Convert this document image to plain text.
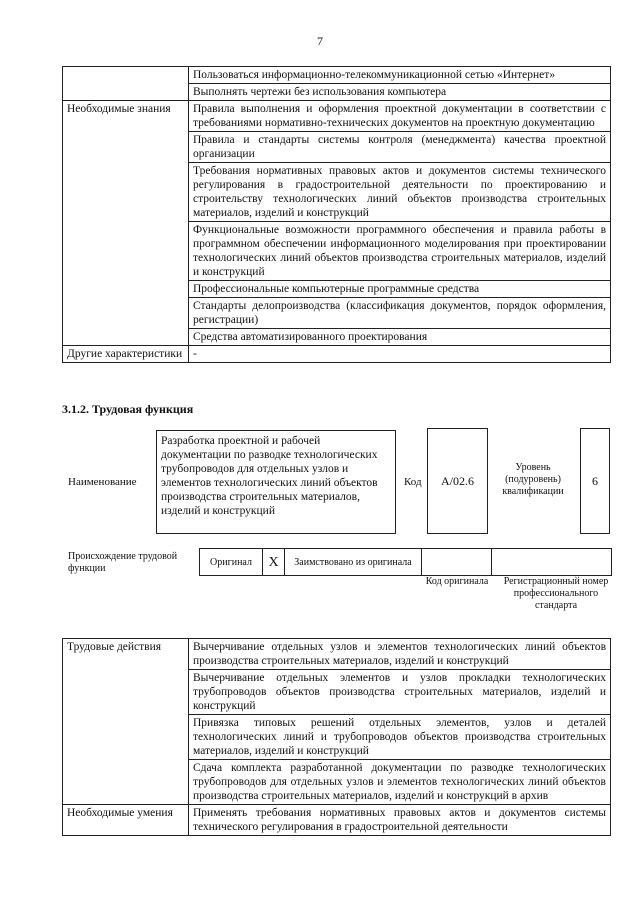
7
	Пользоваться информационно-телекоммуникационной сетью «Интернет»
	Выполнять чертежи без использования компьютера
Необходимые знания	Правила выполнения и оформления проектной документации в соответствии с требованиями нормативно-технических документов на проектную документацию
	Правила и стандарты системы контроля (менеджмента) качества проектной организации
	Требования нормативных правовых актов и документов системы технического регулирования в градостроительной деятельности по проектированию и строительству технологических линий объектов производства строительных материалов, изделий и конструкций
	Функциональные возможности программного обеспечения и правила работы в программном обеспечении информационного моделирования при проектировании технологических линий объектов производства строительных материалов, изделий и конструкций
	Профессиональные компьютерные программные средства
	Стандарты делопроизводства (классификация документов, порядок оформления, регистрации)
	Средства автоматизированного проектирования
Другие характеристики	-
3.1.2. Трудовая функция
Наименование
Разработка проектной и рабочей документации по разводке технологических трубопроводов для отдельных узлов и элементов технологических линий объектов производства строительных материалов, изделий и конструкций
Код A/02.6
Уровень (подуровень) квалификации
6
Происхождение трудовой функции
Оригинал	X	Заимствовано из оригинала		
Код оригинала	Регистрационный номер профессионального стандарта
Трудовые действия	Вычерчивание отдельных узлов и элементов технологических линий объектов производства строительных материалов, изделий и конструкций
	Вычерчивание отдельных элементов и узлов прокладки технологических трубопроводов объектов производства строительных материалов, изделий и конструкций
	Привязка типовых решений отдельных элементов, узлов и деталей технологических линий и трубопроводов объектов производства строительных материалов, изделий и конструкций
	Сдача комплекта разработанной документации по разводке технологических трубопроводов для отдельных узлов и элементов технологических линий объектов производства строительных материалов, изделий и конструкций в архив
Необходимые умения	Применять требования нормативных правовых актов и документов системы технического регулирования в градостроительной деятельности
